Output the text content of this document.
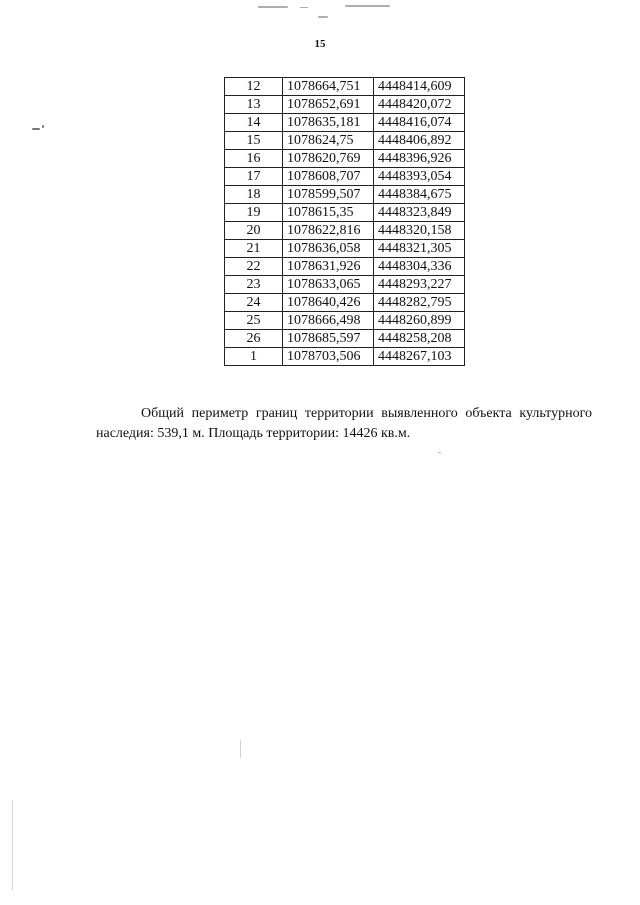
15
12	1078664,751	4448414,609
13	1078652,691	4448420,072
14	1078635,181	4448416,074
15	1078624,75	4448406,892
16	1078620,769	4448396,926
17	1078608,707	4448393,054
18	1078599,507	4448384,675
19	1078615,35	4448323,849
20	1078622,816	4448320,158
21	1078636,058	4448321,305
22	1078631,926	4448304,336
23	1078633,065	4448293,227
24	1078640,426	4448282,795
25	1078666,498	4448260,899
26	1078685,597	4448258,208
1	1078703,506	4448267,103

Общий периметр границ территории выявленного объекта культурного наследия: 539,1 м. Площадь территории: 14426 кв.м.
